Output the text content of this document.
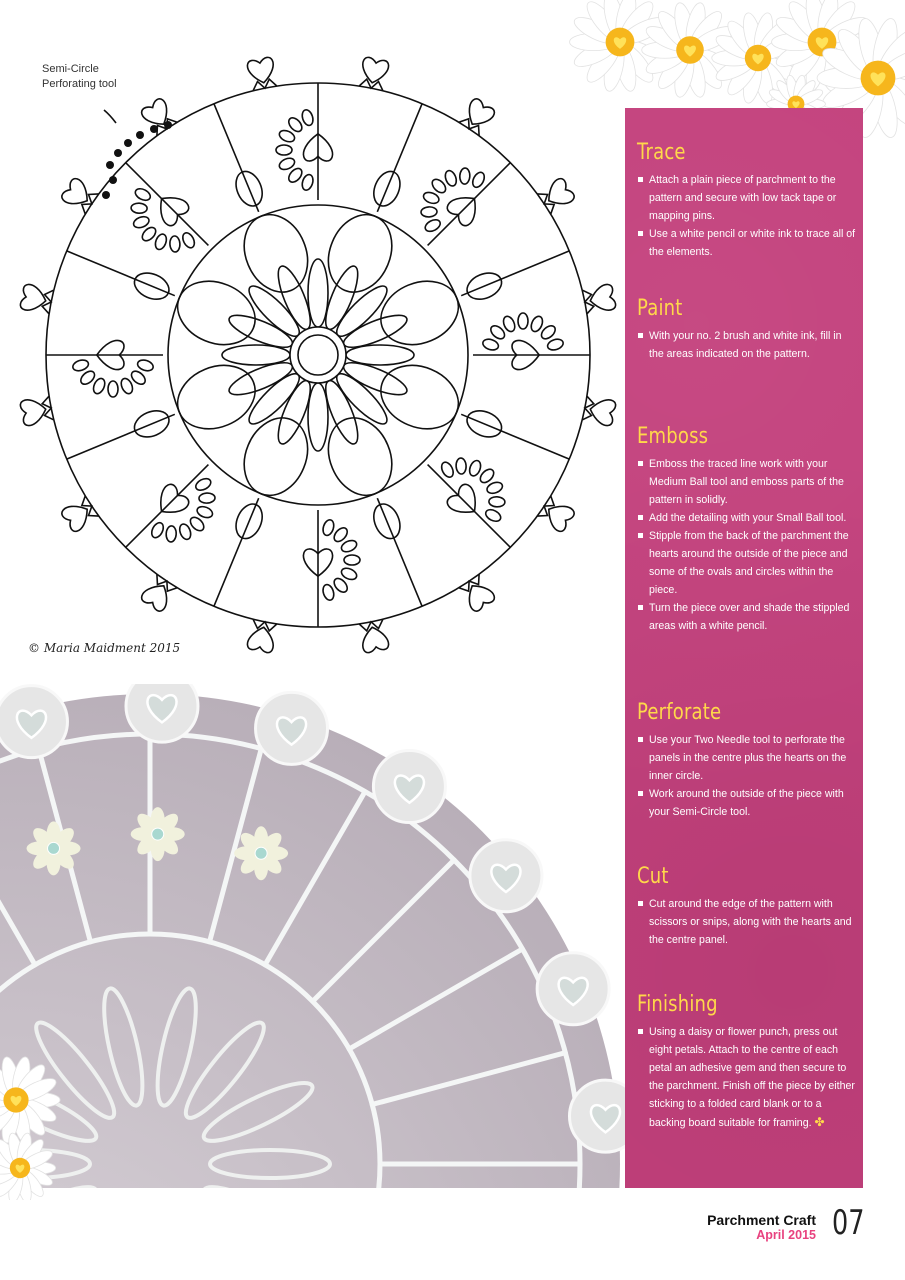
Semi-Circle
Perforating tool
© Maria Maidment 2015
Trace
Attach a plain piece of parchment to the pattern and secure with low tack tape or mapping pins.
Use a white pencil or white ink to trace all of the elements.
Paint
With your no. 2 brush and white ink, fill in the areas indicated on the pattern.
Emboss
Emboss the traced line work with your Medium Ball tool and emboss parts of the pattern in solidly.
Add the detailing with your Small Ball tool.
Stipple from the back of the parchment the hearts around the outside of the piece and some of the ovals and circles within the piece.
Turn the piece over and shade the stippled areas with a white pencil.
Perforate
Use your Two Needle tool to perforate the panels in the centre plus the hearts on the inner circle.
Work around the outside of the piece with your Semi-Circle tool.
Cut
Cut around the edge of the pattern with scissors or snips, along with the hearts and the centre panel.
Finishing
Using a daisy or flower punch, press out eight petals. Attach to the centre of each petal an adhesive gem and then secure to the parchment. Finish off the piece by either sticking to a folded card blank or to a backing board suitable for framing. ✤
Parchment Craft
April 2015 07
